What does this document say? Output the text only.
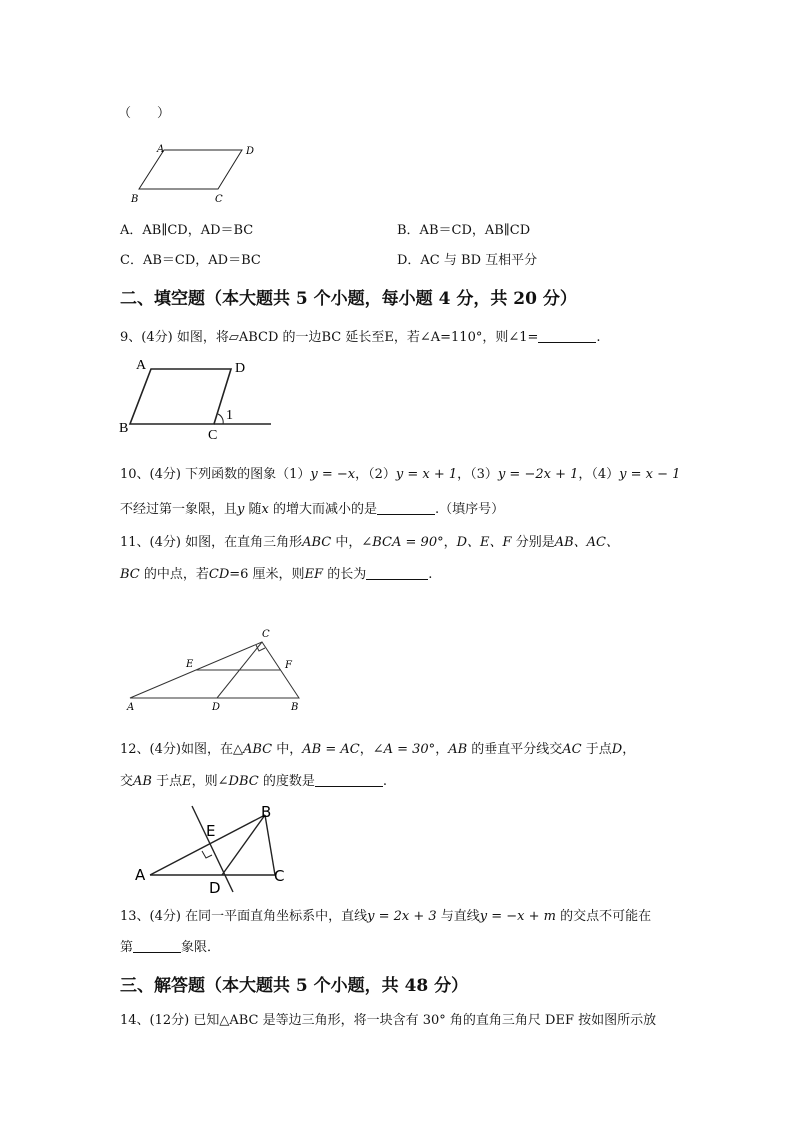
（　　）
A	D
B	C
A．AB∥CD，AD＝BC	B．AB＝CD，AB∥CD
C．AB＝CD，AD＝BC	D．AC 与 BD 互相平分
二、填空题（本大题共 5 个小题，每小题 4 分，共 20 分）
9、(4分) 如图，将▱ABCD 的一边BC 延长至E，若∠A=110°，则∠1=	.
A	D
B	C
1
10、(4分) 下列函数的图象（1）y = −x，（2）y = x + 1，（3）y = −2x + 1，（4）y = x − 1
不经过第一象限，且y 随x 的增大而减小的是	.（填序号）
11、(4分) 如图，在直角三角形ABC 中，∠BCA = 90°，D、E、F 分别是AB、AC、
BC 的中点，若CD=6 厘米，则EF 的长为	.
C
E	F
A	D	B
12、(4分)如图，在△ABC 中，AB = AC，∠A = 30°，AB 的垂直平分线交AC 于点D，
交AB 于点E，则∠DBC 的度数是	.
B
E
A	C
D
13、(4分) 在同一平面直角坐标系中，直线y = 2x + 3 与直线y = −x + m 的交点不可能在
第	象限．
三、解答题（本大题共 5 个小题，共 48 分）
14、(12分) 已知△ABC 是等边三角形，将一块含有 30° 角的直角三角尺 DEF 按如图所示放
